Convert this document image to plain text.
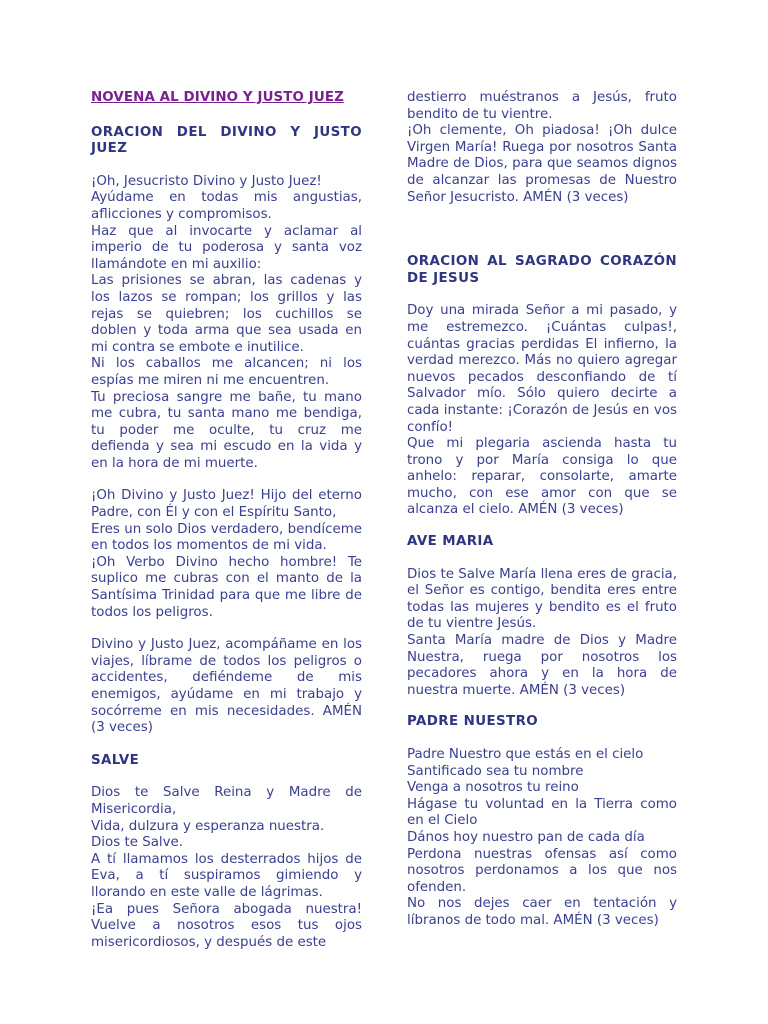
NOVENA AL DIVINO Y JUSTO JUEZ

ORACION DEL DIVINO Y JUSTO JUEZ

¡Oh, Jesucristo Divino y Justo Juez!

Ayúdame en todas mis angustias, aflicciones y compromisos.

Haz que al invocarte y aclamar al imperio de tu poderosa y santa voz llamándote en mi auxilio:

Las prisiones se abran, las cadenas y los lazos se rompan; los grillos y las rejas se quiebren; los cuchillos se doblen y toda arma que sea usada en mi contra se embote e inutilice.

Ni los caballos me alcancen; ni los espías me miren ni me encuentren.

Tu preciosa sangre me bañe, tu mano me cubra, tu santa mano me bendiga, tu poder me oculte, tu cruz me defienda y sea mi escudo en la vida y en la hora de mi muerte.

¡Oh Divino y Justo Juez! Hijo del eterno Padre, con Él y con el Espíritu Santo,

Eres un solo Dios verdadero, bendíceme en todos los momentos de mi vida.

¡Oh Verbo Divino hecho hombre! Te suplico me cubras con el manto de la Santísima Trinidad para que me libre de todos los peligros.

Divino y Justo Juez, acompáñame en los viajes, líbrame de todos los peligros o accidentes, defiéndeme de mis enemigos, ayúdame en mi trabajo y socórreme en mis necesidades. AMÉN (3 veces)

SALVE

Dios te Salve Reina y Madre de Misericordia,

Vida, dulzura y esperanza nuestra.

Dios te Salve.

A tí llamamos los desterrados hijos de Eva, a tí suspiramos gimiendo y llorando en este valle de lágrimas.

¡Ea pues Señora abogada nuestra! Vuelve a nosotros esos tus ojos misericordiosos, y después de este

destierro muéstranos a Jesús, fruto bendito de tu vientre.

¡Oh clemente, Oh piadosa! ¡Oh dulce Virgen María! Ruega por nosotros Santa Madre de Dios, para que seamos dignos de alcanzar las promesas de Nuestro Señor Jesucristo. AMÉN (3 veces)

ORACION AL SAGRADO CORAZÓN DE JESUS

Doy una mirada Señor a mi pasado, y me estremezco. ¡Cuántas culpas!, cuántas gracias perdidas El infierno, la verdad merezco. Más no quiero agregar nuevos pecados desconfiando de tí Salvador mío. Sólo quiero decirte a cada instante: ¡Corazón de Jesús en vos confío!

Que mi plegaria ascienda hasta tu trono y por María consiga lo que anhelo: reparar, consolarte, amarte mucho, con ese amor con que se alcanza el cielo. AMÉN (3 veces)

AVE MARIA

Dios te Salve María llena eres de gracia, el Señor es contigo, bendita eres entre todas las mujeres y bendito es el fruto de tu vientre Jesús.

Santa María madre de Dios y Madre Nuestra, ruega por nosotros los pecadores ahora y en la hora de nuestra muerte. AMÉN (3 veces)

PADRE NUESTRO

Padre Nuestro que estás en el cielo

Santificado sea tu nombre

Venga a nosotros tu reino

Hágase tu voluntad en la Tierra como en el Cielo

Dános hoy nuestro pan de cada día

Perdona nuestras ofensas así como nosotros perdonamos a los que nos ofenden.

No nos dejes caer en tentación y líbranos de todo mal. AMÉN (3 veces)
